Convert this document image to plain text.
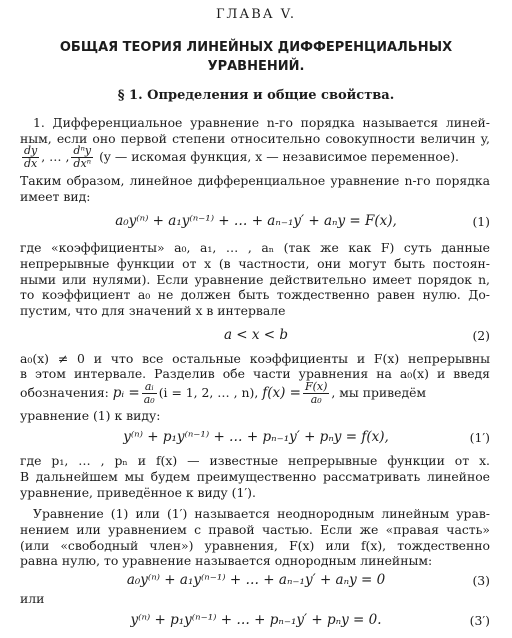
ГЛАВА V.
ОБЩАЯ ТЕОРИЯ ЛИНЕЙНЫХ ДИФФЕРЕНЦИАЛЬНЫХ
УРАВНЕНИЙ.
§ 1. Определения и общие свойства.
1. Дифференциальное уравнение n-го порядка называется линей-
ным, если оно первой степени относительно совокупности величин y,
$\frac{dy}{dx}$ , … , $\frac{\text{dⁿy}}{\text{dxⁿ}} (y$ — искомая функция, x — независимое переменное).
Таким образом, линейное дифференциальное уравнение n-го порядка
имеет вид:
a₀y⁽ⁿ⁾ + a₁y⁽ⁿ⁻¹⁾ + … + aₙ₋₁y′ + aₙy = F(x),	(1)
где «коэффициенты» a₀, a₁, … , aₙ (так же как F) суть данные
непрерывные функции от x (в частности, они могут быть постоян-
ными или нулями). Если уравнение действительно имеет порядок n,
то коэффициент a₀ не должен быть тождественно равен нулю. До-
пустим, что для значений x в интервале
a < x < b	(2)
a₀(x) ≠ 0 и что все остальные коэффициенты и F(x) непрерывны
в этом интервале. Разделив обе части уравнения на a₀(x) и введя
обозначения: pᵢ = $\frac{\text{aᵢ}}{\text{a₀}} (i = 1$, 2, … , n), $f(x) = \frac{F(x)}{\text{a₀}}$ , мы приведём
уравнение (1) к виду:
y⁽ⁿ⁾ + p₁y⁽ⁿ⁻¹⁾ + … + pₙ₋₁y′ + pₙy = f(x),	(1′)
где p₁, … , pₙ и f(x) — известные непрерывные функции от x.
В дальнейшем мы будем преимущественно рассматривать линейное
уравнение, приведённое к виду (1′).
Уравнение (1) или (1′) называется неоднородным линейным урав-
нением или уравнением с правой частью. Если же «правая часть»
(или «свободный член») уравнения, F(x) или f(x), тождественно
равна нулю, то уравнение называется однородным линейным:
a₀y⁽ⁿ⁾ + a₁y⁽ⁿ⁻¹⁾ + … + aₙ₋₁y′ + aₙy = 0	(3)
или
y⁽ⁿ⁾ + p₁y⁽ⁿ⁻¹⁾ + … + pₙ₋₁y′ + pₙy = 0.	(3′)
